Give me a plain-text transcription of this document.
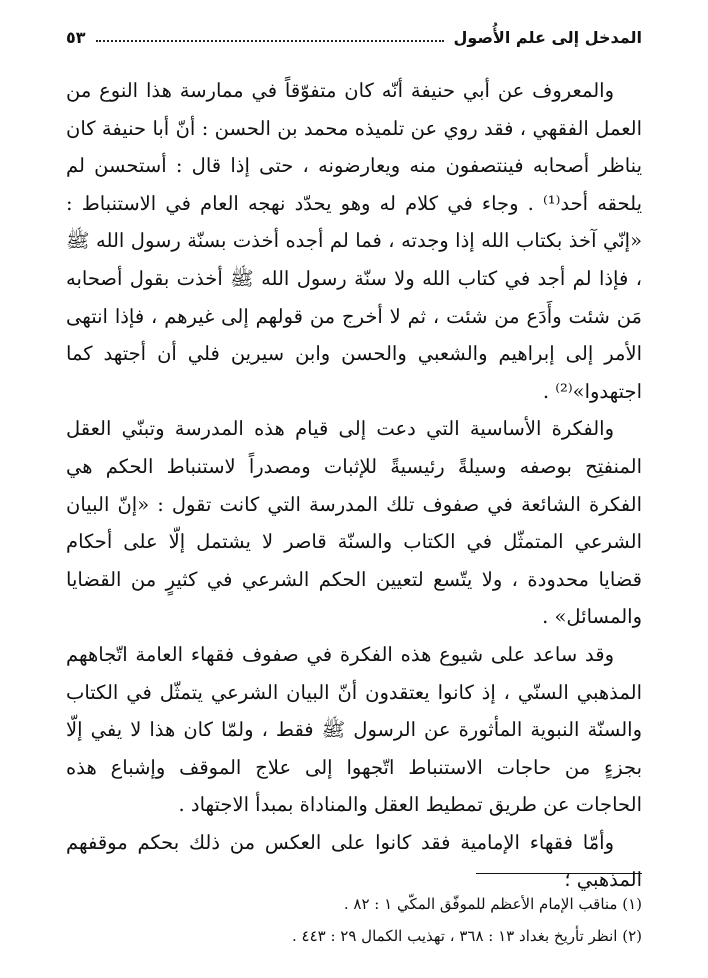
المدخل إلى علم الأُصول
٥٣

والمعروف عن أبي حنيفة أنّه كان متفوّقاً في ممارسة هذا النوع من العمل الفقهي ، فقد روي عن تلميذه محمد بن الحسن : أنّ أبا حنيفة كان يناظر أصحابه فينتصفون منه ويعارضونه ، حتى إذا قال : أستحسن لم يلحقه أحد⁽¹⁾ . وجاء في كلام له وهو يحدّد نهجه العام في الاستنباط : «إنّي آخذ بكتاب الله إذا وجدته ، فما لم أجده أخذت بسنّة رسول الله ﷺ ، فإذا لم أجد في كتاب الله ولا سنّة رسول الله ﷺ أخذت بقول أصحابه مَن شئت وأَدَع من شئت ، ثم لا أخرج من قولهم إلى غيرهم ، فإذا انتهى الأمر إلى إبراهيم والشعبي والحسن وابن سيرين فلي أن أجتهد كما اجتهدوا»⁽²⁾ .

والفكرة الأساسية التي دعت إلى قيام هذه المدرسة وتبنّي العقل المنفتِح بوصفه وسيلةً رئيسيةً للإثبات ومصدراً لاستنباط الحكم هي الفكرة الشائعة في صفوف تلك المدرسة التي كانت تقول : «إنّ البيان الشرعي المتمثّل في الكتاب والسنّة قاصر لا يشتمل إلّا على أحكام قضايا محدودة ، ولا يتّسع لتعيين الحكم الشرعي في كثيرٍ من القضايا والمسائل» .

وقد ساعد على شيوع هذه الفكرة في صفوف فقهاء العامة اتّجاههم المذهبي السنّي ، إذ كانوا يعتقدون أنّ البيان الشرعي يتمثّل في الكتاب والسنّة النبوية المأثورة عن الرسول ﷺ فقط ، ولمّا كان هذا لا يفي إلّا بجزءٍ من حاجات الاستنباط اتّجهوا إلى علاج الموقف وإشباع هذه الحاجات عن طريق تمطيط العقل والمناداة بمبدأ الاجتهاد .

وأمّا فقهاء الإمامية فقد كانوا على العكس من ذلك بحكم موقفهم المذهبي ؛

(١) مناقب الإمام الأعظم للموفّق المكّي ١ : ٨٢ .
(٢) انظر تأريخ بغداد ١٣ : ٣٦٨ ، تهذيب الكمال ٢٩ : ٤٤٣ .
